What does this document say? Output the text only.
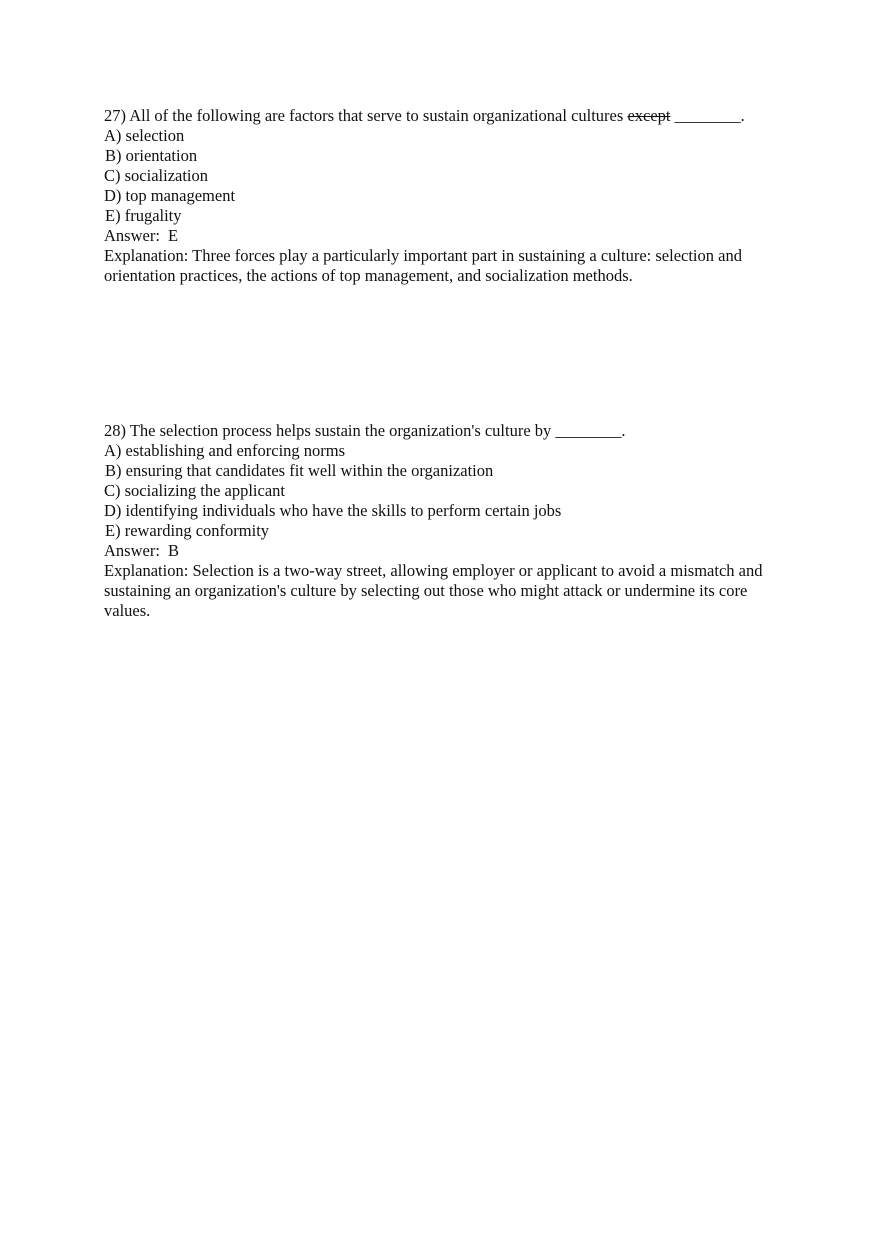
27) All of the following are factors that serve to sustain organizational cultures except ________.
A) selection
B) orientation
C) socialization
D) top management
E) frugality
Answer: E
Explanation: Three forces play a particularly important part in sustaining a culture: selection and orientation practices, the actions of top management, and socialization methods.
28) The selection process helps sustain the organization's culture by ________.
A) establishing and enforcing norms
B) ensuring that candidates fit well within the organization
C) socializing the applicant
D) identifying individuals who have the skills to perform certain jobs
E) rewarding conformity
Answer: B
Explanation: Selection is a two-way street, allowing employer or applicant to avoid a mismatch and sustaining an organization's culture by selecting out those who might attack or undermine its core values.
